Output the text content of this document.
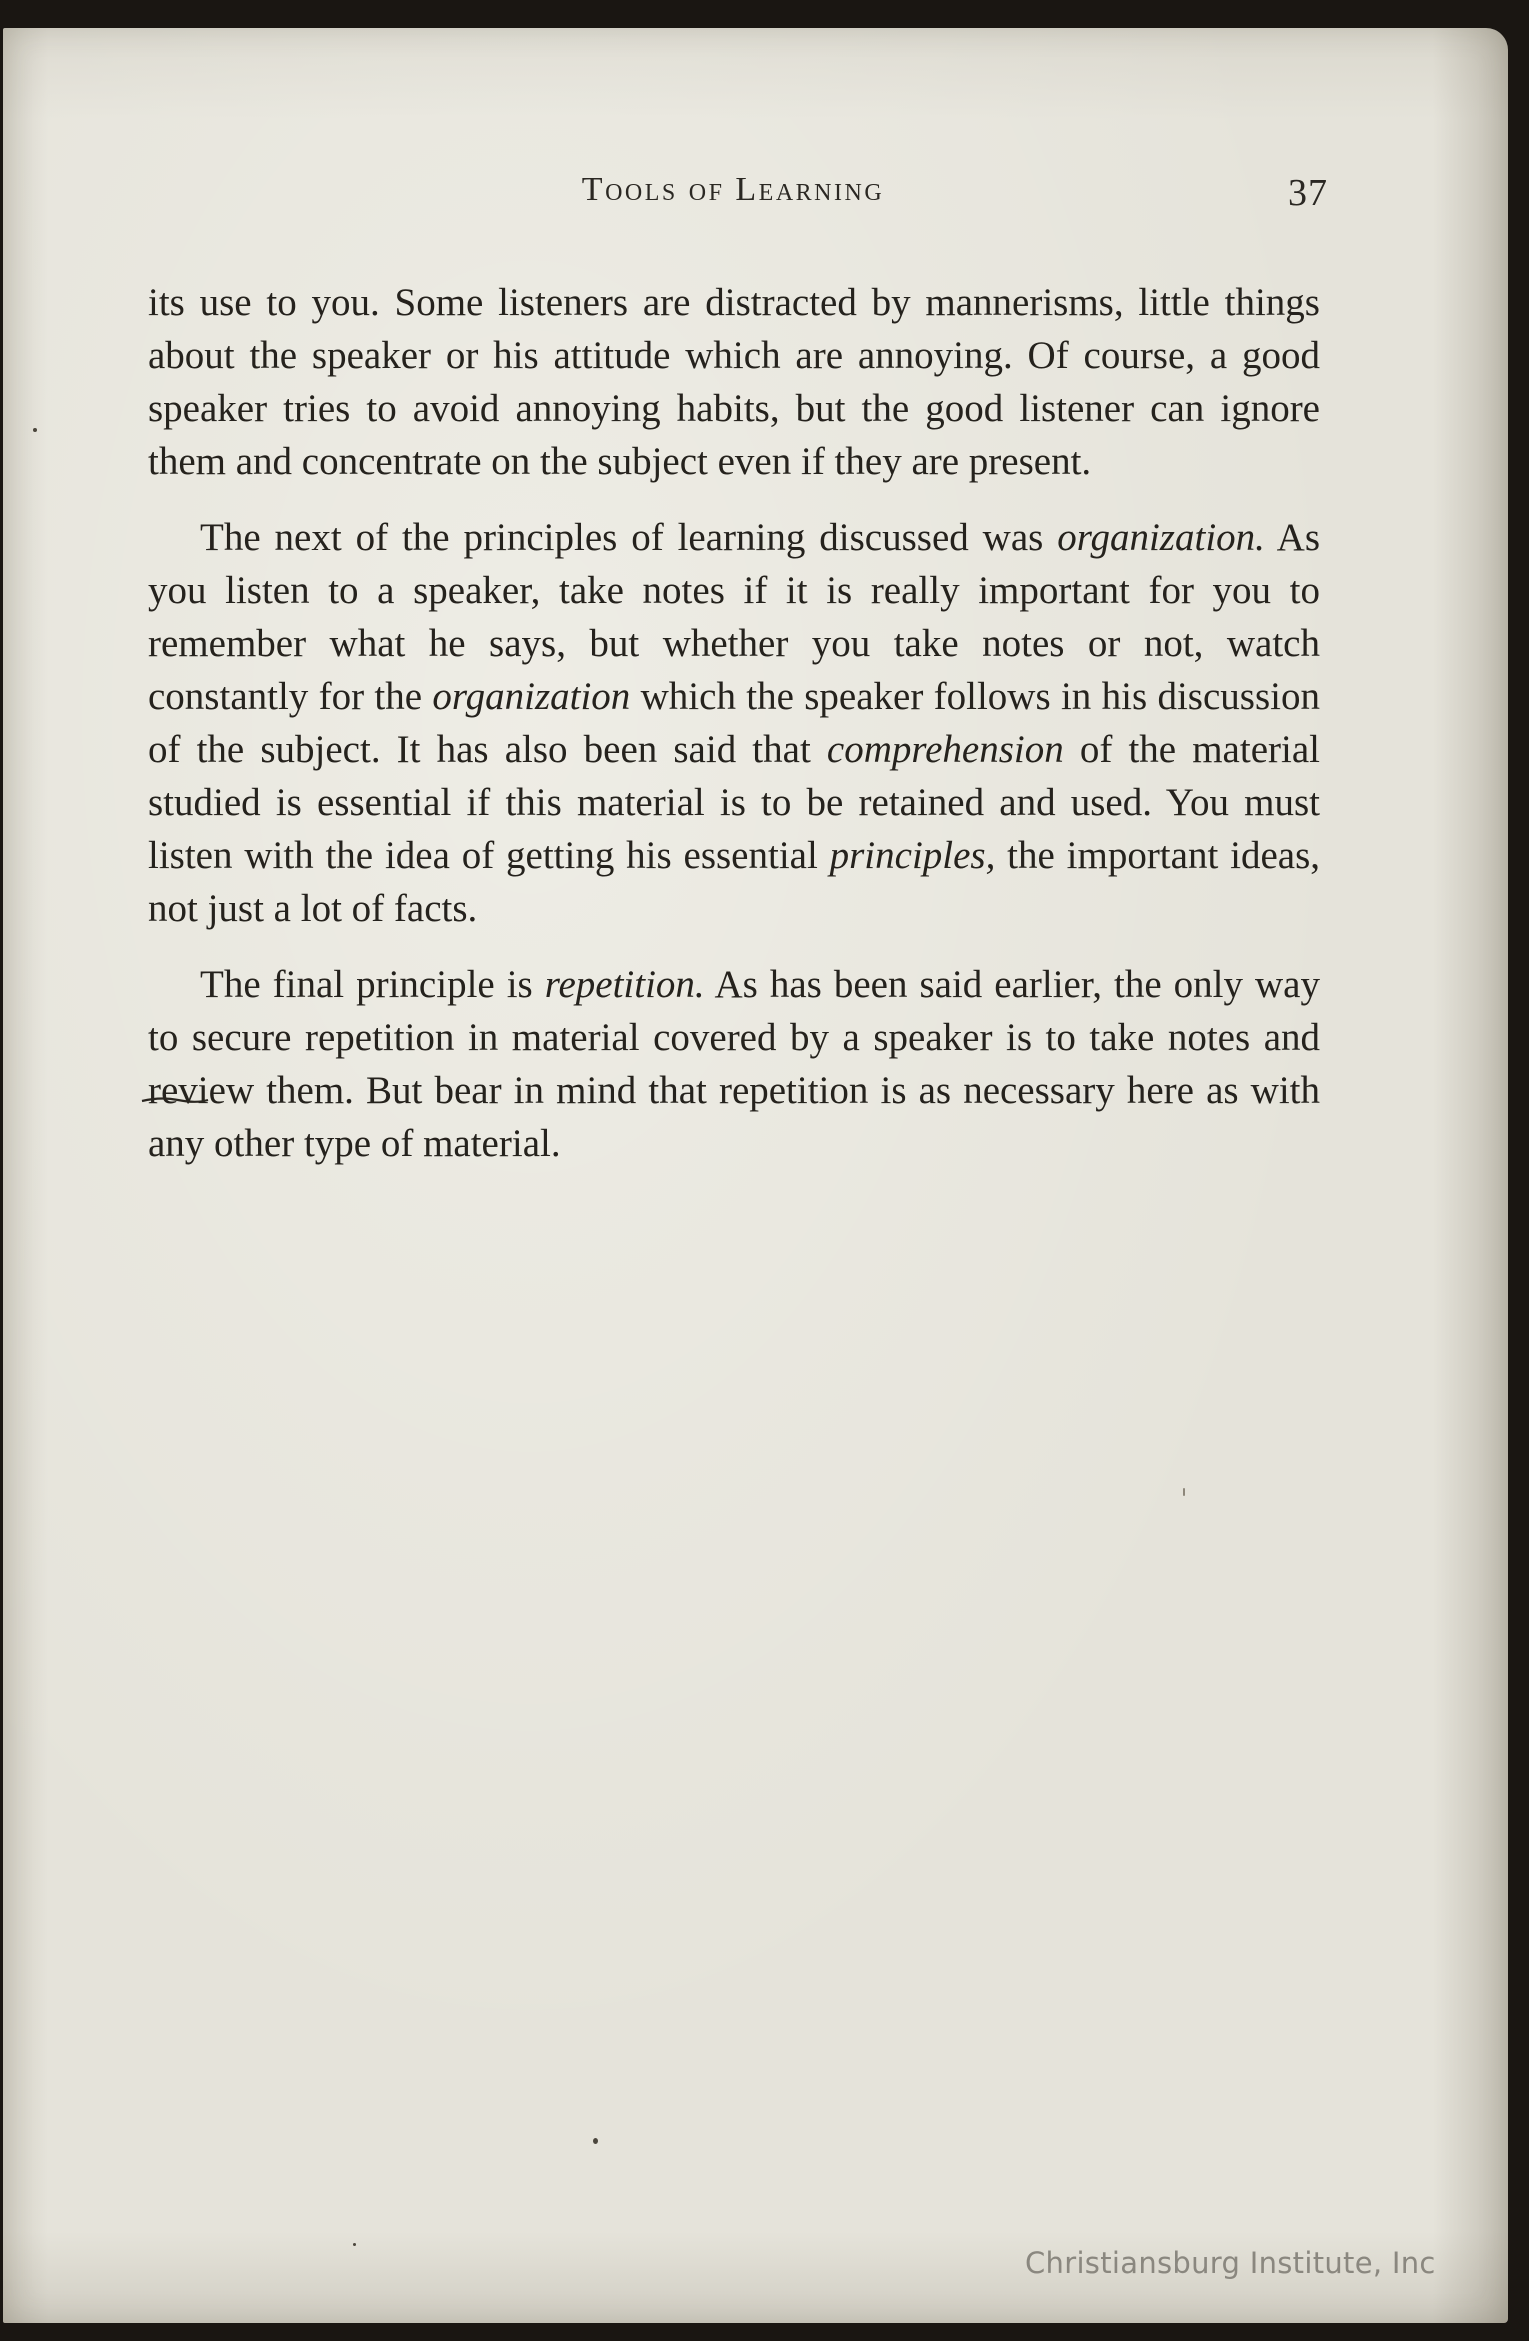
Tools of Learning	37

its use to you. Some listeners are distracted by mannerisms, little things about the speaker or his attitude which are annoying. Of course, a good speaker tries to avoid annoying habits, but the good listener can ignore them and concentrate on the subject even if they are present.

The next of the principles of learning discussed was organization. As you listen to a speaker, take notes if it is really important for you to remember what he says, but whether you take notes or not, watch constantly for the organization which the speaker follows in his discussion of the subject. It has also been said that comprehension of the material studied is essential if this material is to be retained and used. You must listen with the idea of getting his essential principles, the important ideas, not just a lot of facts.

The final principle is repetition. As has been said earlier, the only way to secure repetition in material covered by a speaker is to take notes and review them. But bear in mind that repetition is as necessary here as with any other type of material.

Christiansburg Institute, Inc
